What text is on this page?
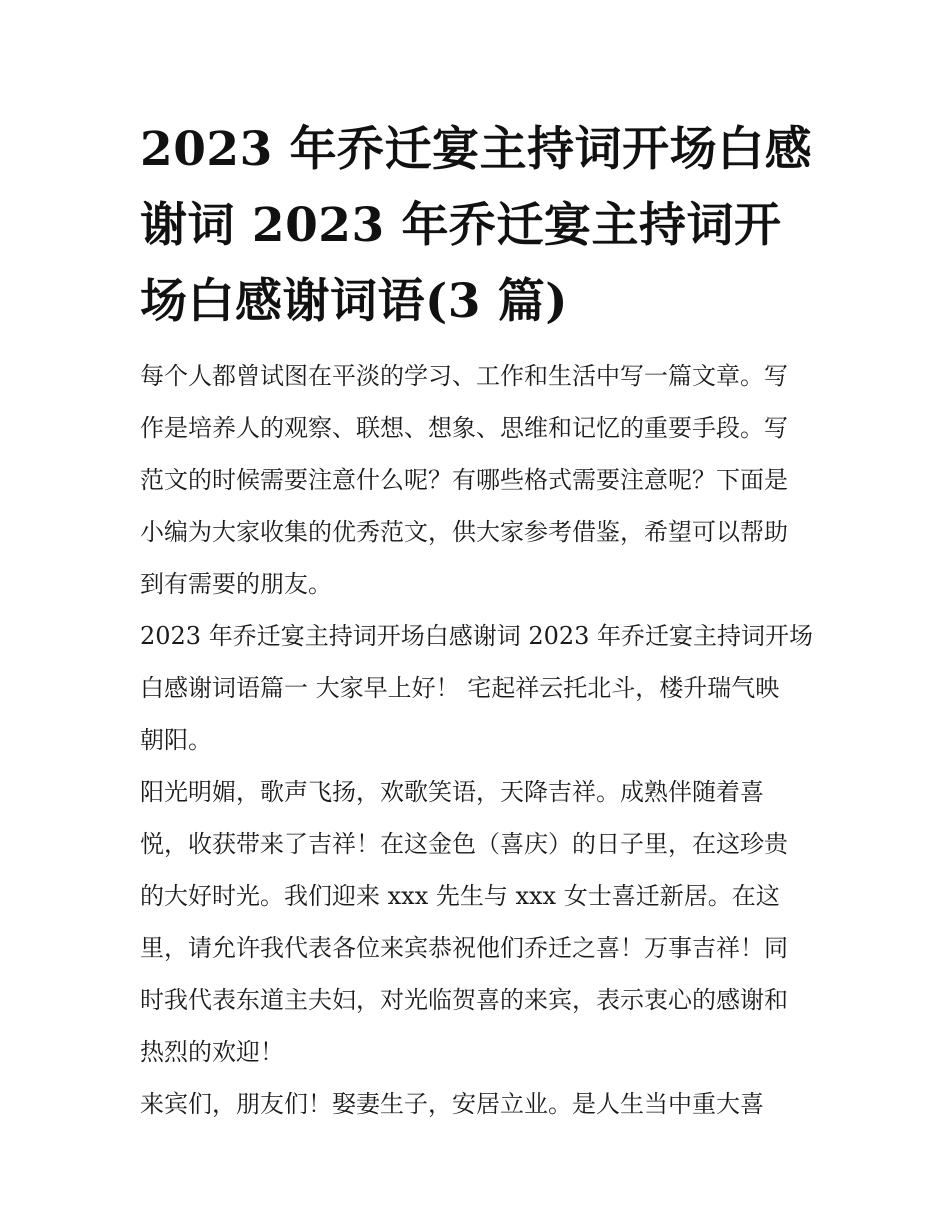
2023 年乔迁宴主持词开场白感
谢词 2023 年乔迁宴主持词开
场白感谢词语(3 篇)

每个人都曾试图在平淡的学习、工作和生活中写一篇文章。写
作是培养人的观察、联想、想象、思维和记忆的重要手段。写
范文的时候需要注意什么呢？有哪些格式需要注意呢？下面是
小编为大家收集的优秀范文，供大家参考借鉴，希望可以帮助
到有需要的朋友。

2023 年乔迁宴主持词开场白感谢词 2023 年乔迁宴主持词开场
白感谢词语篇一 大家早上好！ 宅起祥云托北斗，楼升瑞气映
朝阳。

阳光明媚，歌声飞扬，欢歌笑语，天降吉祥。成熟伴随着喜
悦，收获带来了吉祥！在这金色（喜庆）的日子里，在这珍贵
的大好时光。我们迎来 xxx 先生与 xxx 女士喜迁新居。在这
里，请允许我代表各位来宾恭祝他们乔迁之喜！万事吉祥！同
时我代表东道主夫妇，对光临贺喜的来宾，表示衷心的感谢和
热烈的欢迎！

来宾们，朋友们！娶妻生子，安居立业。是人生当中重大喜
